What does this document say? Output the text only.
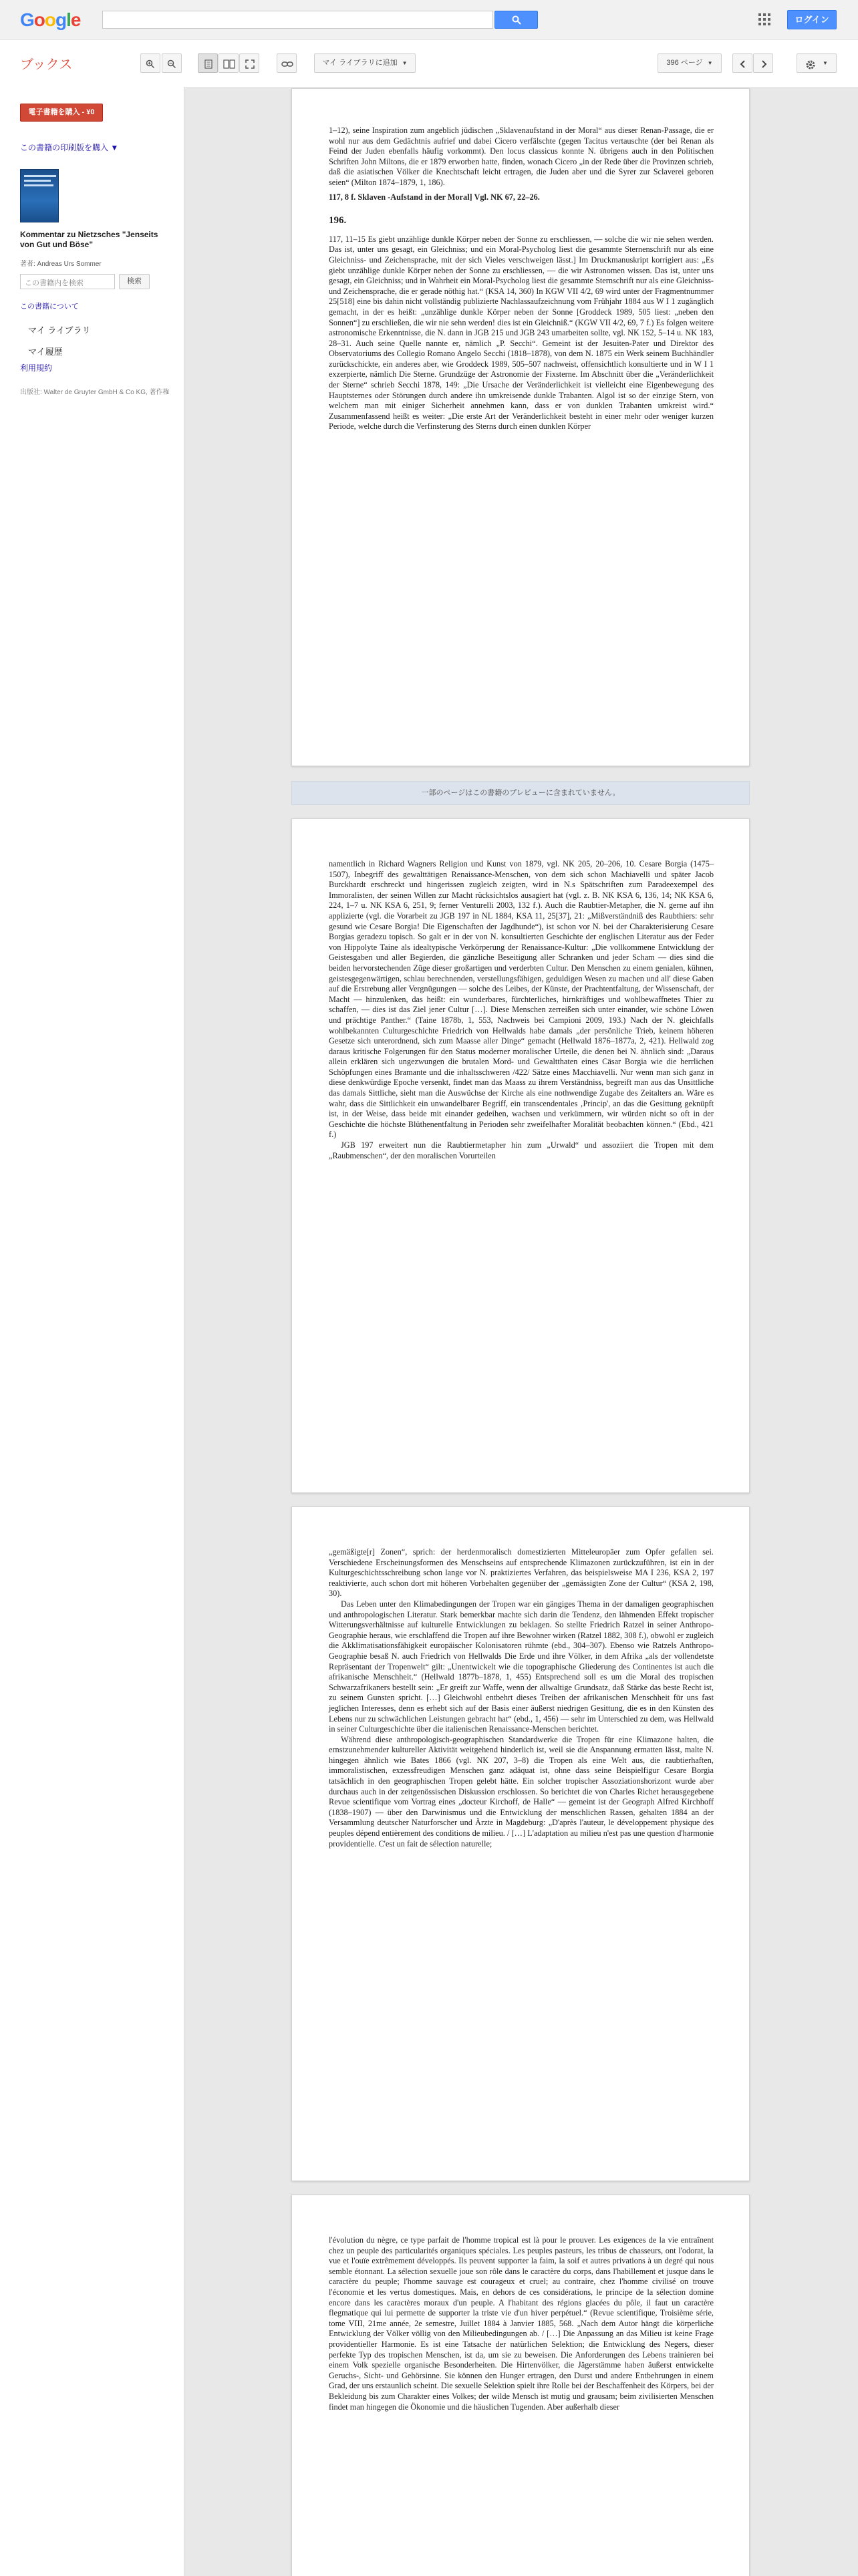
Google	ログイン
ブックス	マイ ライブラリに追加 ▼	396 ページ ▼	▼
電子書籍を購入 - ¥0
この書籍の印刷版を購入 ▼
Kommentar zu Nietzsches "Jenseits von Gut und Böse"
著者: Andreas Urs Sommer
この書籍内を検索	検索
この書籍について
マイ ライブラリ
マイ履歴
利用規約
出版社: Walter de Gruyter GmbH & Co KG, 著作権

1–12), seine Inspiration zum angeblich jüdischen „Sklavenaufstand in der Moral“ aus dieser Renan-Passage, die er wohl nur aus dem Gedächtnis aufrief und dabei Cicero verfälschte (gegen Tacitus vertauschte (der bei Renan als Feind der Juden ebenfalls häufig vorkommt). Den locus classicus konnte N. übrigens auch in den Politischen Schriften John Miltons, die er 1879 erworben hatte, finden, wonach Cicero „in der Rede über die Provinzen schrieb, daß die asiatischen Völker die Knechtschaft leicht ertragen, die Juden aber und die Syrer zur Sclaverei geboren seien“ (Milton 1874–1879, 1, 186).

117, 8 f. Sklaven -Aufstand in der Moral] Vgl. NK 67, 22–26.

196.

117, 11–15 Es giebt unzählige dunkle Körper neben der Sonne zu erschliessen, — solche die wir nie sehen werden. Das ist, unter uns gesagt, ein Gleichniss; und ein Moral-Psycholog liest die gesammte Sternenschrift nur als eine Gleichniss- und Zeichensprache, mit der sich Vieles verschweigen lässt.] Im Druckmanuskript korrigiert aus: „Es giebt unzählige dunkle Körper neben der Sonne zu erschliessen, — die wir Astronomen wissen. Das ist, unter uns gesagt, ein Gleichniss; und in Wahrheit ein Moral-Psycholog liest die gesammte Sternschrift nur als eine Gleichniss- und Zeichensprache, die er gerade nöthig hat.“ (KSA 14, 360) In KGW VII 4/2, 69 wird unter der Fragmentnummer 25[518] eine bis dahin nicht vollständig publizierte Nachlassaufzeichnung vom Frühjahr 1884 aus W I 1 zugänglich gemacht, in der es heißt: „unzählige dunkle Körper neben der Sonne [Groddeck 1989, 505 liest: „neben den Sonnen“] zu erschließen, die wir nie sehn werden! dies ist ein Gleichniß.“ (KGW VII 4/2, 69, 7 f.) Es folgen weitere astronomische Erkenntnisse, die N. dann in JGB 215 und JGB 243 umarbeiten sollte, vgl. NK 152, 5–14 u. NK 183, 28–31. Auch seine Quelle nannte er, nämlich „P. Secchi“. Gemeint ist der Jesuiten-Pater und Direktor des Observatoriums des Collegio Romano Angelo Secchi (1818–1878), von dem N. 1875 ein Werk seinem Buchhändler zurückschickte, ein anderes aber, wie Groddeck 1989, 505–507 nachweist, offensichtlich konsultierte und in W I 1 exzerpierte, nämlich Die Sterne. Grundzüge der Astronomie der Fixsterne. Im Abschnitt über die „Veränderlichkeit der Sterne“ schrieb Secchi 1878, 149: „Die Ursache der Veränderlichkeit ist vielleicht eine Eigenbewegung des Hauptsternes oder Störungen durch andere ihn umkreisende dunkle Trabanten. Algol ist so der einzige Stern, von welchem man mit einiger Sicherheit annehmen kann, dass er von dunklen Trabanten umkreist wird.“ Zusammenfassend heißt es weiter: „Die erste Art der Veränderlichkeit besteht in einer mehr oder weniger kurzen Periode, welche durch die Verfinsterung des Sterns durch einen dunklen Körper

一部のページはこの書籍のプレビューに含まれていません。

namentlich in Richard Wagners Religion und Kunst von 1879, vgl. NK 205, 20–206, 10. Cesare Borgia (1475–1507), Inbegriff des gewalttätigen Renaissance-Menschen, von dem sich schon Machiavelli und später Jacob Burckhardt erschreckt und hingerissen zugleich zeigten, wird in N.s Spätschriften zum Paradeexempel des Immoralisten, der seinen Willen zur Macht rücksichtslos ausagiert hat (vgl. z. B. NK KSA 6, 136, 14; NK KSA 6, 224, 1–7 u. NK KSA 6, 251, 9; ferner Venturelli 2003, 132 f.). Auch die Raubtier-Metapher, die N. gerne auf ihn applizierte (vgl. die Vorarbeit zu JGB 197 in NL 1884, KSA 11, 25[37], 21: „Mißverständniß des Raubthiers: sehr gesund wie Cesare Borgia! Die Eigenschaften der Jagdhunde“), ist schon vor N. bei der Charakterisierung Cesare Borgias geradezu topisch. So galt er in der von N. konsultierten Geschichte der englischen Literatur aus der Feder von Hippolyte Taine als idealtypische Verkörperung der Renaissance-Kultur: „Die vollkommene Entwicklung der Geistesgaben und aller Begierden, die gänzliche Beseitigung aller Schranken und jeder Scham — dies sind die beiden hervorstechenden Züge dieser großartigen und verderbten Cultur. Den Menschen zu einem genialen, kühnen, geistesgegenwärtigen, schlau berechnenden, verstellungsfähigen, geduldigen Wesen zu machen und all' diese Gaben auf die Erstrebung aller Vergnügungen — solche des Leibes, der Künste, der Prachtentfaltung, der Wissenschaft, der Macht — hinzulenken, das heißt: ein wunderbares, fürchterliches, hirnkräftiges und wohlbewaffnetes Thier zu schaffen, — dies ist das Ziel jener Cultur […]. Diese Menschen zerreißen sich unter einander, wie schöne Löwen und prächtige Panther.“ (Taine 1878b, 1, 553, Nachweis bei Campioni 2009, 193.) Nach der N. gleichfalls wohlbekannten Culturgeschichte Friedrich von Hellwalds habe damals „der persönliche Trieb, keinem höheren Gesetze sich unterordnend, sich zum Maasse aller Dinge“ gemacht (Hellwald 1876–1877a, 2, 421). Hellwald zog daraus kritische Folgerungen für den Status moderner moralischer Urteile, die denen bei N. ähnlich sind: „Daraus allein erklären sich ungezwungen die brutalen Mord- und Gewaltthaten eines Cäsar Borgia wie die herrlichen Schöpfungen eines Bramante und die inhaltsschweren /422/ Sätze eines Macchiavelli. Nur wenn man sich ganz in diese denkwürdige Epoche versenkt, findet man das Maass zu ihrem Verständniss, begreift man aus das Unsittliche das damals Sittliche, sieht man die Auswüchse der Kirche als eine nothwendige Zugabe des Zeitalters an. Wäre es wahr, dass die Sittlichkeit ein unwandelbarer Begriff, ein transcendentales ‚Princip', an das die Gesittung geknüpft ist, in der Weise, dass beide mit einander gedeihen, wachsen und verkümmern, wir würden nicht so oft in der Geschichte die höchste Blüthenentfaltung in Perioden sehr zweifelhafter Moralität beobachten können.“ (Ebd., 421 f.)

JGB 197 erweitert nun die Raubtiermetapher hin zum „Urwald“ und assoziiert die Tropen mit dem „Raubmenschen“, der den moralischen Vorurteilen

„gemäßigte[r] Zonen“, sprich: der herdenmoralisch domestizierten Mitteleuropäer zum Opfer gefallen sei. Verschiedene Erscheinungsformen des Menschseins auf entsprechende Klimazonen zurückzuführen, ist ein in der Kulturgeschichtsschreibung schon lange vor N. praktiziertes Verfahren, das beispielsweise MA I 236, KSA 2, 197 reaktivierte, auch schon dort mit höheren Vorbehalten gegenüber der „gemässigten Zone der Cultur“ (KSA 2, 198, 30).

Das Leben unter den Klimabedingungen der Tropen war ein gängiges Thema in der damaligen geographischen und anthropologischen Literatur. Stark bemerkbar machte sich darin die Tendenz, den lähmenden Effekt tropischer Witterungsverhältnisse auf kulturelle Entwicklungen zu beklagen. So stellte Friedrich Ratzel in seiner Anthropo-Geographie heraus, wie erschlaffend die Tropen auf ihre Bewohner wirken (Ratzel 1882, 308 f.), obwohl er zugleich die Akklimatisationsfähigkeit europäischer Kolonisatoren rühmte (ebd., 304–307). Ebenso wie Ratzels Anthropo-Geographie besaß N. auch Friedrich von Hellwalds Die Erde und ihre Völker, in dem Afrika „als der vollendetste Repräsentant der Tropenwelt“ gilt: „Unentwickelt wie die topographische Gliederung des Continentes ist auch die afrikanische Menschheit.“ (Hellwald 1877b–1878, 1, 455) Entsprechend soll es um die Moral des tropischen Schwarzafrikaners bestellt sein: „Er greift zur Waffe, wenn der allwaltige Grundsatz, daß Stärke das beste Recht ist, zu seinem Gunsten spricht. […] Gleichwohl entbehrt dieses Treiben der afrikanischen Menschheit für uns fast jeglichen Interesses, denn es erhebt sich auf der Basis einer äußerst niedrigen Gesittung, die es in den Künsten des Lebens nur zu schwächlichen Leistungen gebracht hat“ (ebd., 1, 456) — sehr im Unterschied zu dem, was Hellwald in seiner Culturgeschichte über die italienischen Renaissance-Menschen berichtet.

Während diese anthropologisch-geographischen Standardwerke die Tropen für eine Klimazone halten, die ernstzunehmender kultureller Aktivität weitgehend hinderlich ist, weil sie die Anspannung ermatten lässt, malte N. hingegen ähnlich wie Bates 1866 (vgl. NK 207, 3–8) die Tropen als eine Welt aus, die raubtierhaften, immoralistischen, exzessfreudigen Menschen ganz adäquat ist, ohne dass seine Beispielfigur Cesare Borgia tatsächlich in den geographischen Tropen gelebt hätte. Ein solcher tropischer Assoziationshorizont wurde aber durchaus auch in der zeitgenössischen Diskussion erschlossen. So berichtet die von Charles Richet herausgegebene Revue scientifique vom Vortrag eines „docteur Kirchoff, de Halle“ — gemeint ist der Geograph Alfred Kirchhoff (1838–1907) — über den Darwinismus und die Entwicklung der menschlichen Rassen, gehalten 1884 an der Versammlung deutscher Naturforscher und Ärzte in Magdeburg: „D'après l'auteur, le développement physique des peuples dépend entièrement des conditions de milieu. / […] L'adaptation au milieu n'est pas une question d'harmonie providentielle. C'est un fait de sélection naturelle;

l'évolution du nègre, ce type parfait de l'homme tropical est là pour le prouver. Les exigences de la vie entraînent chez un peuple des particularités organiques spéciales. Les peuples pasteurs, les tribus de chasseurs, ont l'odorat, la vue et l'ouïe extrêmement développés. Ils peuvent supporter la faim, la soif et autres privations à un degré qui nous semble étonnant. La sélection sexuelle joue son rôle dans le caractère du corps, dans l'habillement et jusque dans le caractère du peuple; l'homme sauvage est courageux et cruel; au contraire, chez l'homme civilisé on trouve l'économie et les vertus domestiques. Mais, en dehors de ces considérations, le principe de la sélection domine encore dans les caractères moraux d'un peuple. A l'habitant des régions glacées du pôle, il faut un caractère flegmatique qui lui permette de supporter la triste vie d'un hiver perpétuel.“ (Revue scientifique, Troisième série, tome VIII, 21me année, 2e semestre, Juillet 1884 à Janvier 1885, 568. „Nach dem Autor hängt die körperliche Entwicklung der Völker völlig von den Milieubedingungen ab. / […] Die Anpassung an das Milieu ist keine Frage providentieller Harmonie. Es ist eine Tatsache der natürlichen Selektion; die Entwicklung des Negers, dieser perfekte Typ des tropischen Menschen, ist da, um sie zu beweisen. Die Anforderungen des Lebens trainieren bei einem Volk spezielle organische Besonderheiten. Die Hirtenvölker, die Jägerstämme haben äußerst entwickelte Geruchs-, Sicht- und Gehörsinne. Sie können den Hunger ertragen, den Durst und andere Entbehrungen in einem Grad, der uns erstaunlich scheint. Die sexuelle Selektion spielt ihre Rolle bei der Beschaffenheit des Körpers, bei der Bekleidung bis zum Charakter eines Volkes; der wilde Mensch ist mutig und grausam; beim zivilisierten Menschen findet man hingegen die Ökonomie und die häuslichen Tugenden. Aber außerhalb dieser
